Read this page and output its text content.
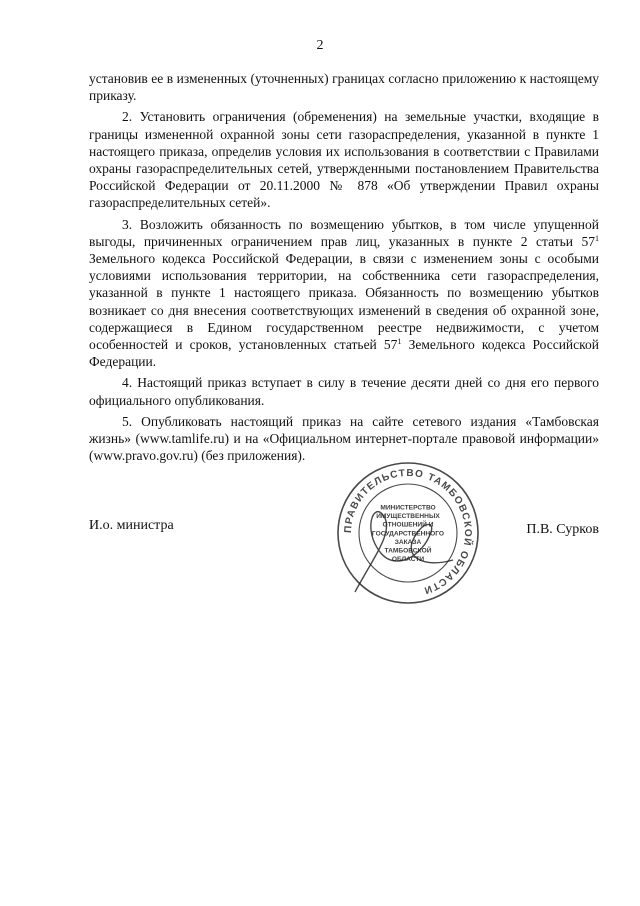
2

установив ее в измененных (уточненных) границах согласно приложению к настоящему приказу.

2. Установить ограничения (обременения) на земельные участки, входящие в границы измененной охранной зоны сети газораспределения, указанной в пункте 1 настоящего приказа, определив условия их использования в соответствии с Правилами охраны газораспределительных сетей, утвержденными постановлением Правительства Российской Федерации от 20.11.2000 № 878 «Об утверждении Правил охраны газораспределительных сетей».

3. Возложить обязанность по возмещению убытков, в том числе упущенной выгоды, причиненных ограничением прав лиц, указанных в пункте 2 статьи $57^1$ Земельного кодекса Российской Федерации, в связи с изменением зоны с особыми условиями использования территории, на собственника сети газораспределения, указанной в пункте 1 настоящего приказа. Обязанность по возмещению убытков возникает со дня внесения соответствующих изменений в сведения об охранной зоне, содержащиеся в Едином государственном реестре недвижимости, с учетом особенностей и сроков, установленных статьей $57^1$ Земельного кодекса Российской Федерации.

4. Настоящий приказ вступает в силу в течение десяти дней со дня его первого официального опубликования.

5. Опубликовать настоящий приказ на сайте сетевого издания «Тамбовская жизнь» (www.tamlife.ru) и на «Официальном интернет-портале правовой информации» (www.pravo.gov.ru) (без приложения).

ПРАВИТЕЛЬСТВО ТАМБОВСКОЙ ОБЛАСТИ
МИНИСТЕРСТВО
ИМУЩЕСТВЕННЫХ
ОТНОШЕНИЙ И
ГОСУДАРСТВЕННОГО
ЗАКАЗА
ТАМБОВСКОЙ
ОБЛАСТИ
И.о. министра	П.В. Сурков
